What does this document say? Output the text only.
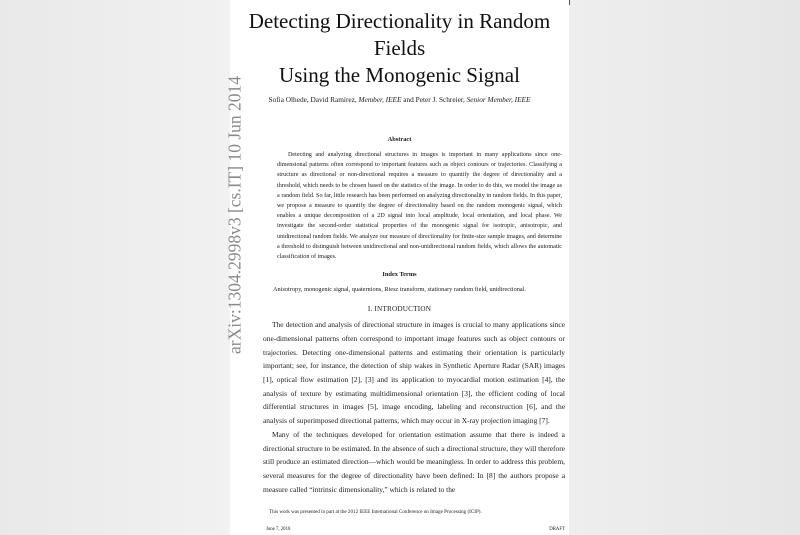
Detecting Directionality in Random Fields
Using the Monogenic Signal
Sofia Olhede, David Ramírez, Member, IEEE and Peter J. Schreier, Senior Member, IEEE
Abstract
Detecting and analyzing directional structures in images is important in many applications since one-dimensional patterns often correspond to important features such as object contours or trajectories. Classifying a structure as directional or non-directional requires a measure to quantify the degree of directionality and a threshold, which needs to be chosen based on the statistics of the image. In order to do this, we model the image as a random field. So far, little research has been performed on analyzing directionality in random fields. In this paper, we propose a measure to quantify the degree of directionality based on the random monogenic signal, which enables a unique decomposition of a 2D signal into local amplitude, local orientation, and local phase. We investigate the second-order statistical properties of the monogenic signal for isotropic, anisotropic, and unidirectional random fields. We analyze our measure of directionality for finite-size sample images, and determine a threshold to distinguish between unidirectional and non-unidirectional random fields, which allows the automatic classification of images.
Index Terms
Anisotropy, monogenic signal, quaternions, Riesz transform, stationary random field, unidirectional.
I. INTRODUCTION
The detection and analysis of directional structure in images is crucial to many applications since one-dimensional patterns often correspond to important image features such as object contours or trajectories. Detecting one-dimensional patterns and estimating their orientation is particularly important; see, for instance, the detection of ship wakes in Synthetic Aperture Radar (SAR) images [1], optical flow estimation [2], [3] and its application to myocardial motion estimation [4], the analysis of texture by estimating multidimensional orientation [3], the efficient coding of local differential structures in images [5], image encoding, labeling and reconstruction [6], and the analysis of superimposed directional patterns, which may occur in X-ray projection imaging [7].
Many of the techniques developed for orientation estimation assume that there is indeed a directional structure to be estimated. In the absence of such a directional structure, they will therefore still produce an estimated direction—which would be meaningless. In order to address this problem, several measures for the degree of directionality have been defined: In [8] the authors propose a measure called “intrinsic dimensionality,” which is related to the
This work was presented in part at the 2012 IEEE International Conference on Image Processing (ICIP).
June 7, 2018	DRAFT
arXiv:1304.2998v3 [cs.IT] 10 Jun 2014
